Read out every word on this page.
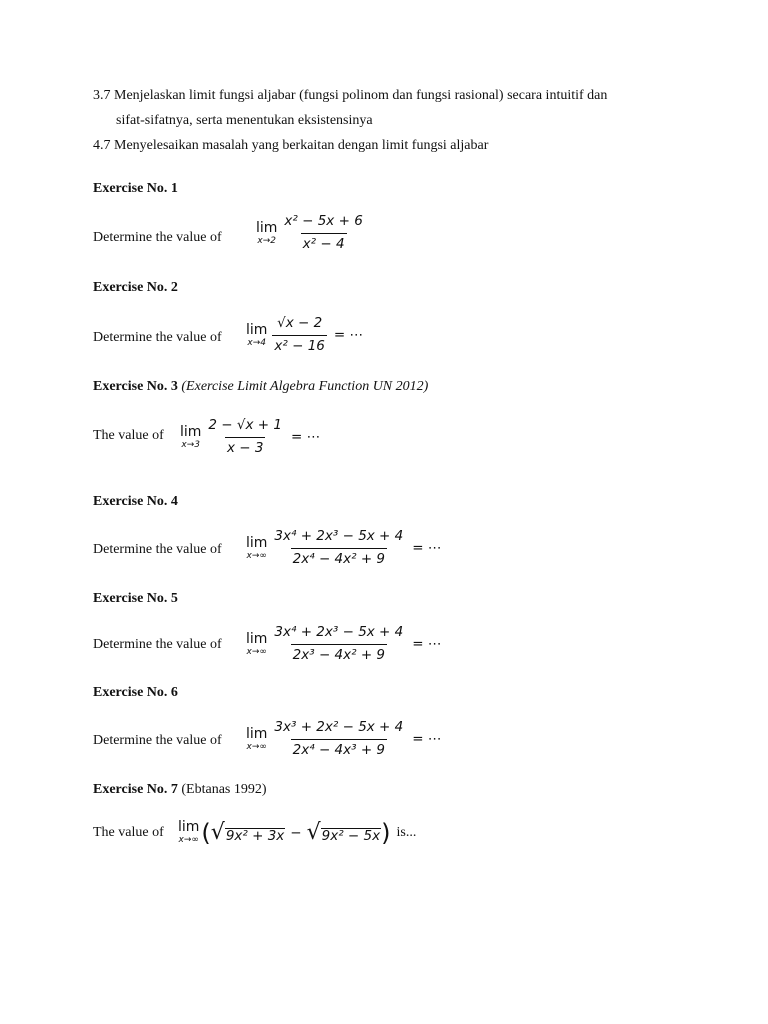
3.7 Menjelaskan limit fungsi aljabar (fungsi polinom dan fungsi rasional) secara intuitif dan
sifat-sifatnya, serta menentukan eksistensinya
4.7 Menyelesaikan masalah yang berkaitan dengan limit fungsi aljabar
Exercise No. 1
Determine the value of
lim
$x\to 2 \frac{\text{x² − 5x + 6}}{\text{x² − 4}}$
Exercise No. 2
Determine the value of lim
$x\to 4 \frac{√x - 2}{\text{x² − 16}}$ = ⋯
Exercise No. 3 (Exercise Limit Algebra Function UN 2012)
The value of lim
$x\to 3 \frac{2 - √x + 1}{x - 3}$ = ⋯
Exercise No. 4
Determine the value of lim
$x\to\infty \frac{\text{3x⁴ + 2x³ − 5x + 4}}{\text{2x⁴ − 4x² + 9}}$ = ⋯
Exercise No. 5
Determine the value of lim
$x\to\infty \frac{\text{3x⁴ + 2x³ − 5x + 4}}{\text{2x³ − 4x² + 9}}$ = ⋯
Exercise No. 6
Determine the value of lim
$x\to\infty \frac{\text{3x³ + 2x² − 5x + 4}}{\text{2x⁴ − 4x³ + 9}}$ = ⋯
Exercise No. 7 (Ebtanas 1992)
The value of lim
x→∞ ( √ 9x² + 3x − √ 9x² − 5x ) is...
